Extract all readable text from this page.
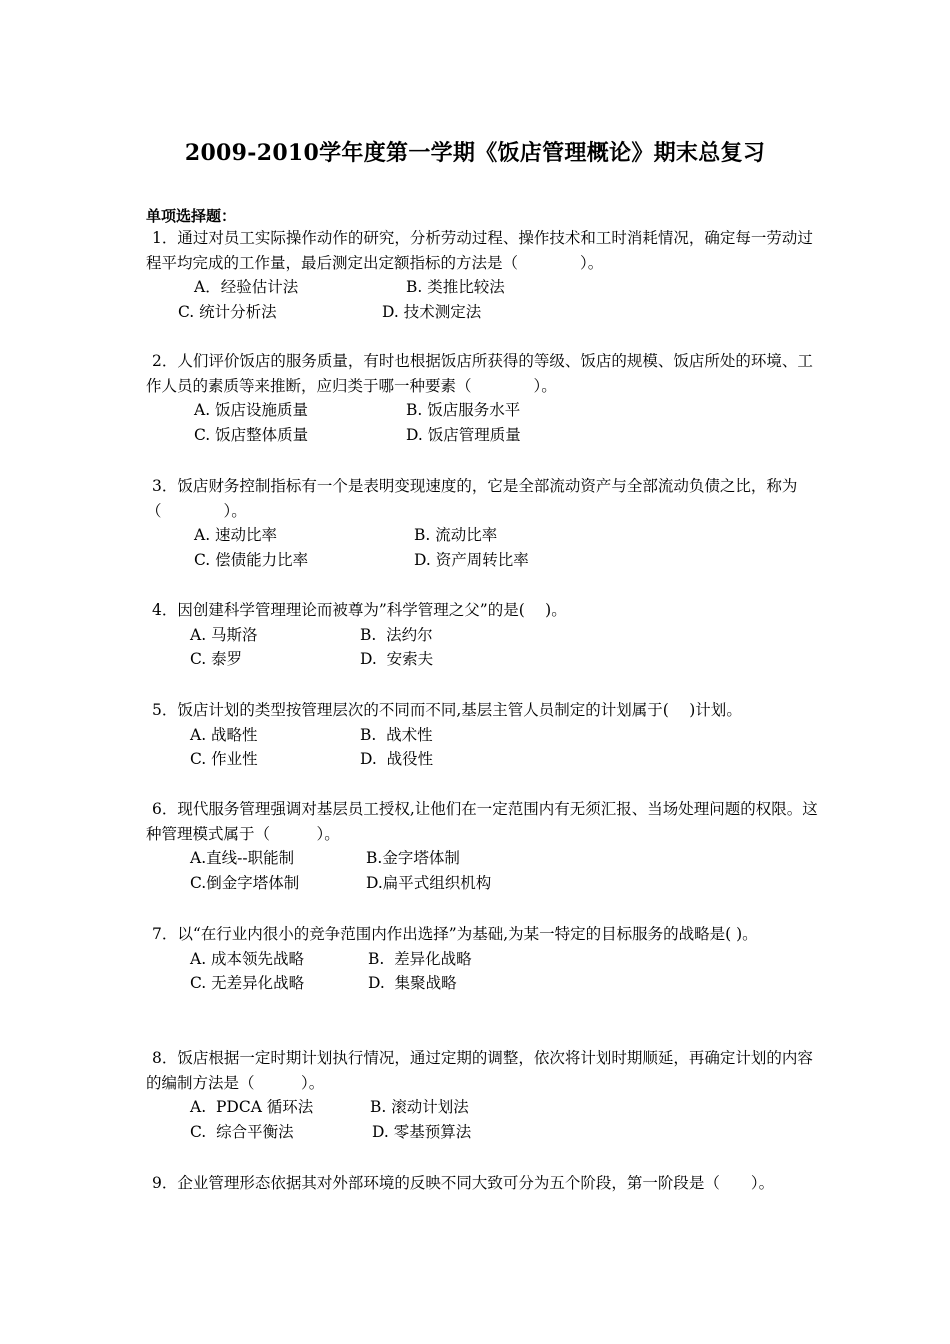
2009-2010学年度第一学期《饭店管理概论》期末总复习
单项选择题：
1．通过对员工实际操作动作的研究，分析劳动过程、操作技术和工时消耗情况，确定每一劳动过程平均完成的工作量，最后测定出定额指标的方法是（　　　　）。

A．经验估计法

	B. 类推比较法

C. 统计分析法

	D. 技术测定法

2．人们评价饭店的服务质量，有时也根据饭店所获得的等级、饭店的规模、饭店所处的环境、工作人员的素质等来推断，应归类于哪一种要素（　　　　）。

A. 饭店设施质量

	B. 饭店服务水平

C. 饭店整体质量

	D. 饭店管理质量

3．饭店财务控制指标有一个是表明变现速度的，它是全部流动资产与全部流动负债之比，称为（　　　　）。

A. 速动比率

	B. 流动比率

C. 偿债能力比率

	D. 资产周转比率

4．因创建科学管理理论而被尊为”科学管理之父”的是(　 )。

A. 马斯洛

	B.  法约尔

C. 泰罗

	D.  安索夫

5．饭店计划的类型按管理层次的不同而不同,基层主管人员制定的计划属于(　 )计划。

A. 战略性

	B.  战术性

C. 作业性

	D.  战役性

6．现代服务管理强调对基层员工授权,让他们在一定范围内有无须汇报、当场处理问题的权限。这种管理模式属于（　　　）。

A.直线--职能制

	B.金字塔体制

C.倒金字塔体制

	D.扁平式组织机构

7．以“在行业内很小的竞争范围内作出选择”为基础,为某一特定的目标服务的战略是( )。

A. 成本领先战略

	B.  差异化战略

C. 无差异化战略

	D.  集聚战略

8．饭店根据一定时期计划执行情况，通过定期的调整，依次将计划时期顺延，再确定计划的内容的编制方法是（　　　）。

A.  PDCA 循环法

	B. 滚动计划法

C.  综合平衡法

	D. 零基预算法

9．企业管理形态依据其对外部环境的反映不同大致可分为五个阶段，第一阶段是（　　）。
